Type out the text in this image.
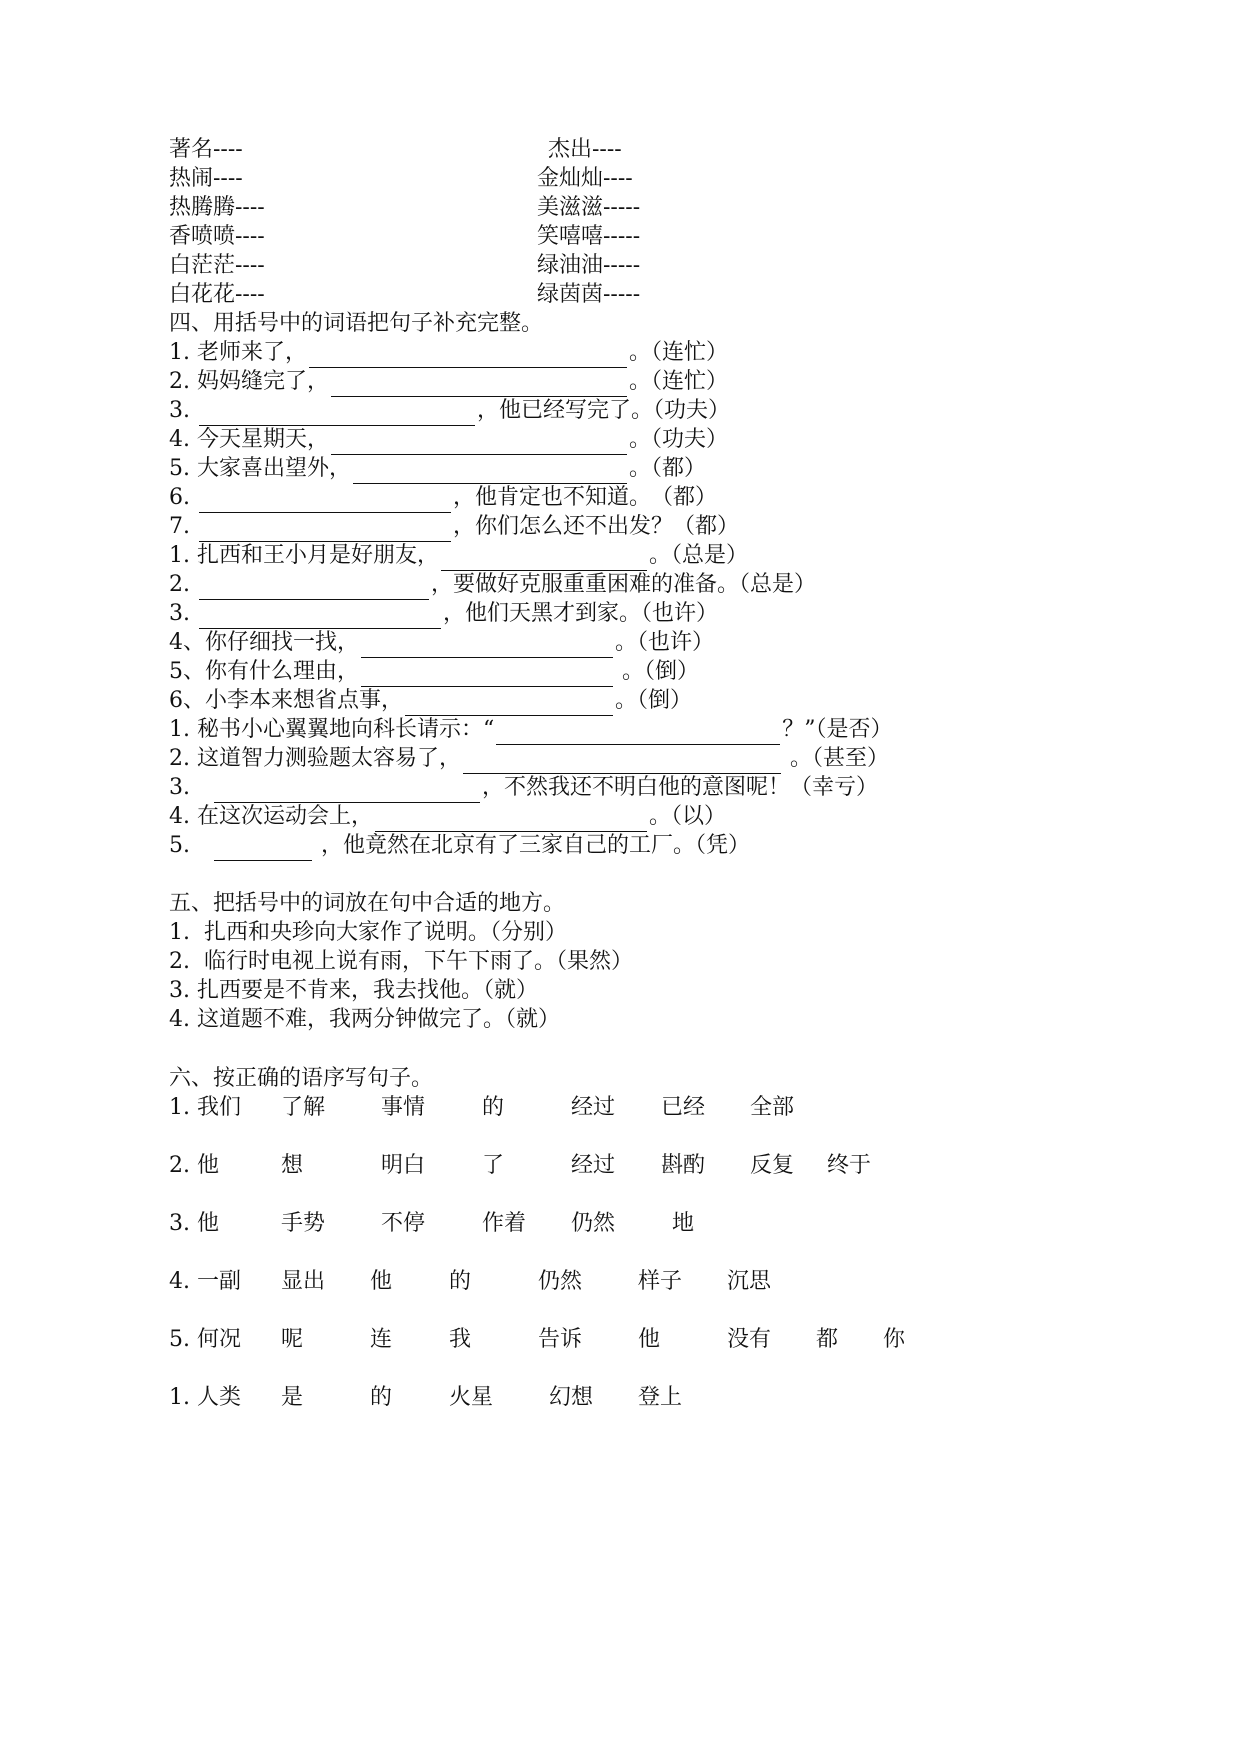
著名----	杰出----
热闹----	金灿灿----
热腾腾----	美滋滋-----
香喷喷----	笑嘻嘻-----
白茫茫----	绿油油-----
白花花----	绿茵茵-----
四、用括号中的词语把句子补充完整。
1. 老师来了，	。（连忙）
2. 妈妈缝完了，	。（连忙）
3.	，他已经写完了。（功夫）
4. 今天星期天，	。（功夫）
5. 大家喜出望外，	。（都）
6.	，他肯定也不知道。　（都）
7.	，你们怎么还不出发？（都）
1. 扎西和王小月是好朋友，	。（总是）
2.	，要做好克服重重困难的准备。（总是）
3.	，他们天黑才到家。（也许）
4、你仔细找一找，	。（也许）
5、你有什么理由，	。（倒）
6、小李本来想省点事，	。（倒）
1. 秘书小心翼翼地向科长请示：“	？”（是否）
2. 这道智力测验题太容易了，	。（甚至）
3.　	，不然我还不明白他的意图呢！（幸亏）
4. 在这次运动会上，	。（以）
5.　	，他竟然在北京有了三家自己的工厂。（凭）
五、把括号中的词放在句中合适的地方。
1.  扎西和央珍向大家作了说明。（分别）
2.  临行时电视上说有雨，下午下雨了。（果然）
3. 扎西要是不肯来，我去找他。（就）
4. 这道题不难，我两分钟做完了。（就）
六、按正确的语序写句子。
1. 我们 了解	事情	的	经过 已经 全部
2. 他	想	明白	了	经过 斟酌 反复 终于
3. 他	手势	不停	作着 仍然	地
4. 一副 显出 他	的	仍然	样子 沉思
5. 何况 呢	连	我	告诉	他	没有 都 你
1. 人类 是	的	火星	幻想 登上
